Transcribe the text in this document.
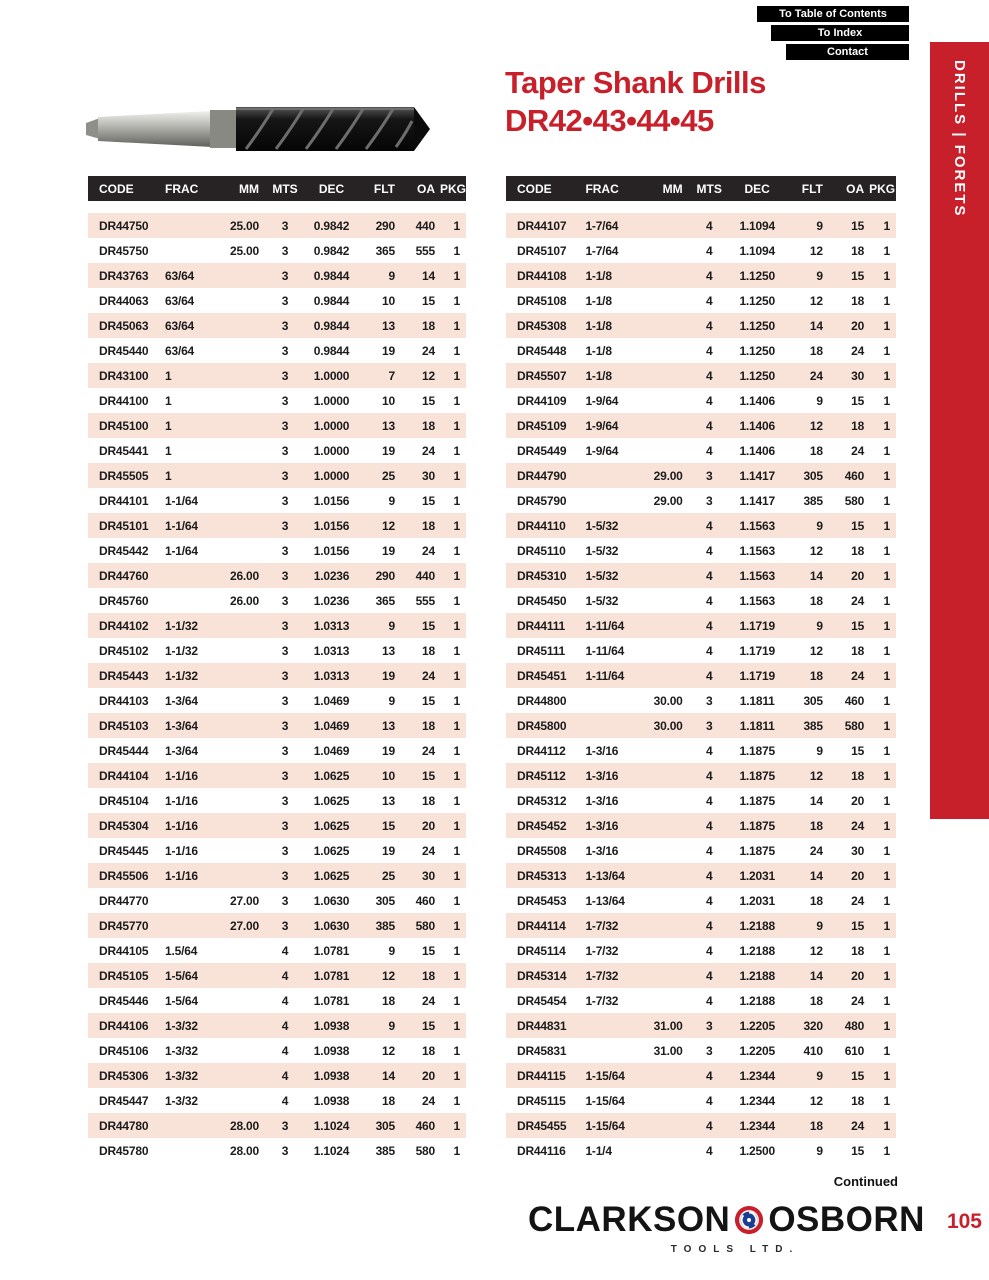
To Table of Contents
To Index
Contact
DRILLS | FORETS
Taper Shank Drills
DR42•43•44•45
CODE	FRAC	MM	MTS	DEC	FLT	OA	PKG

DR44750		25.00	3	0.9842	290	440	1
DR45750		25.00	3	0.9842	365	555	1
DR43763	63/64		3	0.9844	9	14	1
DR44063	63/64		3	0.9844	10	15	1
DR45063	63/64		3	0.9844	13	18	1
DR45440	63/64		3	0.9844	19	24	1
DR43100	1		3	1.0000	7	12	1
DR44100	1		3	1.0000	10	15	1
DR45100	1		3	1.0000	13	18	1
DR45441	1		3	1.0000	19	24	1
DR45505	1		3	1.0000	25	30	1
DR44101	1-1/64		3	1.0156	9	15	1
DR45101	1-1/64		3	1.0156	12	18	1
DR45442	1-1/64		3	1.0156	19	24	1
DR44760		26.00	3	1.0236	290	440	1
DR45760		26.00	3	1.0236	365	555	1
DR44102	1-1/32		3	1.0313	9	15	1
DR45102	1-1/32		3	1.0313	13	18	1
DR45443	1-1/32		3	1.0313	19	24	1
DR44103	1-3/64		3	1.0469	9	15	1
DR45103	1-3/64		3	1.0469	13	18	1
DR45444	1-3/64		3	1.0469	19	24	1
DR44104	1-1/16		3	1.0625	10	15	1
DR45104	1-1/16		3	1.0625	13	18	1
DR45304	1-1/16		3	1.0625	15	20	1
DR45445	1-1/16		3	1.0625	19	24	1
DR45506	1-1/16		3	1.0625	25	30	1
DR44770		27.00	3	1.0630	305	460	1
DR45770		27.00	3	1.0630	385	580	1
DR44105	1.5/64		4	1.0781	9	15	1
DR45105	1-5/64		4	1.0781	12	18	1
DR45446	1-5/64		4	1.0781	18	24	1
DR44106	1-3/32		4	1.0938	9	15	1
DR45106	1-3/32		4	1.0938	12	18	1
DR45306	1-3/32		4	1.0938	14	20	1
DR45447	1-3/32		4	1.0938	18	24	1
DR44780		28.00	3	1.1024	305	460	1
DR45780		28.00	3	1.1024	385	580	1
CODE	FRAC	MM	MTS	DEC	FLT	OA	PKG

DR44107	1-7/64		4	1.1094	9	15	1
DR45107	1-7/64		4	1.1094	12	18	1
DR44108	1-1/8		4	1.1250	9	15	1
DR45108	1-1/8		4	1.1250	12	18	1
DR45308	1-1/8		4	1.1250	14	20	1
DR45448	1-1/8		4	1.1250	18	24	1
DR45507	1-1/8		4	1.1250	24	30	1
DR44109	1-9/64		4	1.1406	9	15	1
DR45109	1-9/64		4	1.1406	12	18	1
DR45449	1-9/64		4	1.1406	18	24	1
DR44790		29.00	3	1.1417	305	460	1
DR45790		29.00	3	1.1417	385	580	1
DR44110	1-5/32		4	1.1563	9	15	1
DR45110	1-5/32		4	1.1563	12	18	1
DR45310	1-5/32		4	1.1563	14	20	1
DR45450	1-5/32		4	1.1563	18	24	1
DR44111	1-11/64		4	1.1719	9	15	1
DR45111	1-11/64		4	1.1719	12	18	1
DR45451	1-11/64		4	1.1719	18	24	1
DR44800		30.00	3	1.1811	305	460	1
DR45800		30.00	3	1.1811	385	580	1
DR44112	1-3/16		4	1.1875	9	15	1
DR45112	1-3/16		4	1.1875	12	18	1
DR45312	1-3/16		4	1.1875	14	20	1
DR45452	1-3/16		4	1.1875	18	24	1
DR45508	1-3/16		4	1.1875	24	30	1
DR45313	1-13/64		4	1.2031	14	20	1
DR45453	1-13/64		4	1.2031	18	24	1
DR44114	1-7/32		4	1.2188	9	15	1
DR45114	1-7/32		4	1.2188	12	18	1
DR45314	1-7/32		4	1.2188	14	20	1
DR45454	1-7/32		4	1.2188	18	24	1
DR44831		31.00	3	1.2205	320	480	1
DR45831		31.00	3	1.2205	410	610	1
DR44115	1-15/64		4	1.2344	9	15	1
DR45115	1-15/64		4	1.2344	12	18	1
DR45455	1-15/64		4	1.2344	18	24	1
DR44116	1-1/4		4	1.2500	9	15	1
Continued
CLARKSON OSBORN 105
TOOLS LTD.
